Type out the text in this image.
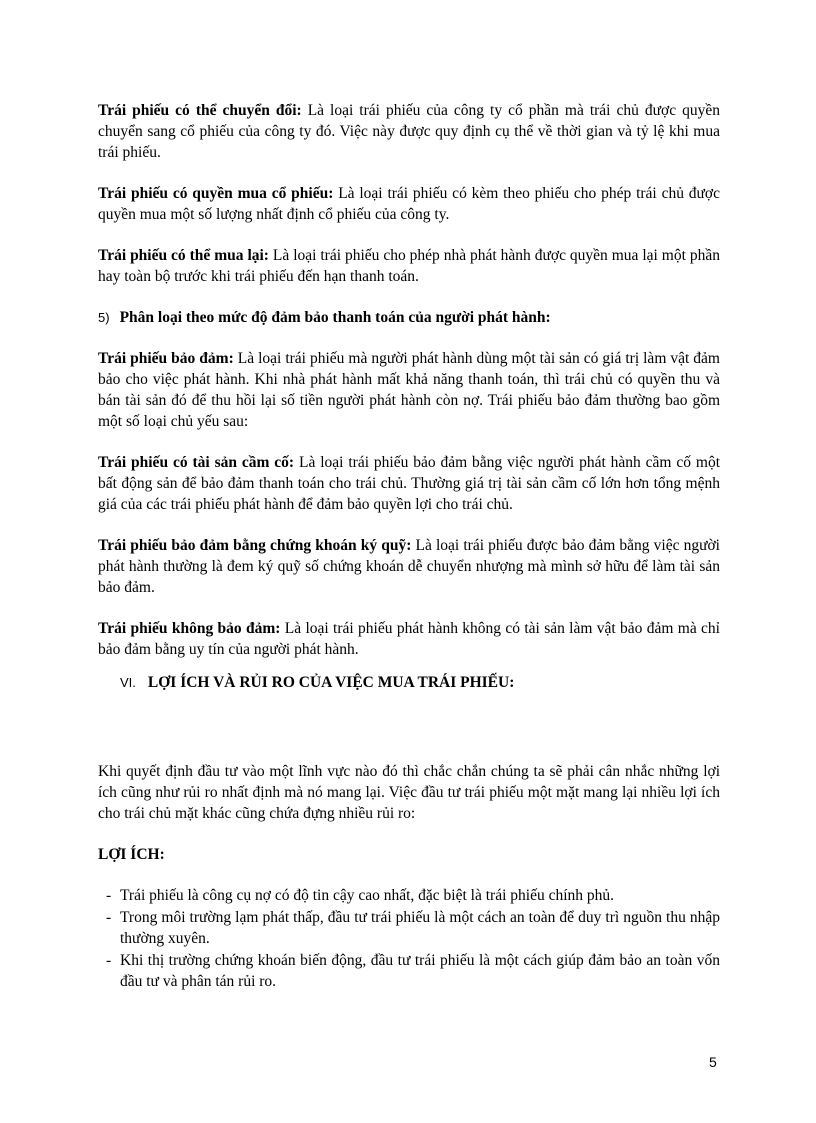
Trái phiếu có thể chuyển đổi: Là loại trái phiếu của công ty cổ phần mà trái chủ được quyền chuyển sang cổ phiếu của công ty đó. Việc này được quy định cụ thể về thời gian và tỷ lệ khi mua trái phiếu.

Trái phiếu có quyền mua cổ phiếu: Là loại trái phiếu có kèm theo phiếu cho phép trái chủ được quyền mua một số lượng nhất định cổ phiếu của công ty.

Trái phiếu có thể mua lại: Là loại trái phiếu cho phép nhà phát hành được quyền mua lại một phần hay toàn bộ trước khi trái phiếu đến hạn thanh toán.

5) Phân loại theo mức độ đảm bảo thanh toán của người phát hành:

Trái phiếu bảo đảm: Là loại trái phiếu mà người phát hành dùng một tài sản có giá trị làm vật đảm bảo cho việc phát hành. Khi nhà phát hành mất khả năng thanh toán, thì trái chủ có quyền thu và bán tài sản đó để thu hồi lại số tiền người phát hành còn nợ. Trái phiếu bảo đảm thường bao gồm một số loại chủ yếu sau:

Trái phiếu có tài sản cầm cố: Là loại trái phiếu bảo đảm bằng việc người phát hành cầm cố một bất động sản để bảo đảm thanh toán cho trái chủ. Thường giá trị tài sản cầm cố lớn hơn tổng mệnh giá của các trái phiếu phát hành để đảm bảo quyền lợi cho trái chủ.

Trái phiếu bảo đảm bằng chứng khoán ký quỹ: Là loại trái phiếu được bảo đảm bằng việc người phát hành thường là đem ký quỹ số chứng khoán dễ chuyển nhượng mà mình sở hữu để làm tài sản bảo đảm.

Trái phiếu không bảo đảm: Là loại trái phiếu phát hành không có tài sản làm vật bảo đảm mà chỉ bảo đảm bằng uy tín của người phát hành.

VI. LỢI ÍCH VÀ RỦI RO CỦA VIỆC MUA TRÁI PHIẾU:

Khi quyết định đầu tư vào một lĩnh vực nào đó thì chắc chắn chúng ta sẽ phải cân nhắc những lợi ích cũng như rủi ro nhất định mà nó mang lại. Việc đầu tư trái phiếu một mặt mang lại nhiều lợi ích cho trái chủ mặt khác cũng chứa đựng nhiều rủi ro:

LỢI ÍCH:

- Trái phiếu là công cụ nợ có độ tin cậy cao nhất, đặc biệt là trái phiếu chính phủ.
- Trong môi trường lạm phát thấp, đầu tư trái phiếu là một cách an toàn để duy trì nguồn thu nhập thường xuyên.
- Khi thị trường chứng khoán biến động, đầu tư trái phiếu là một cách giúp đảm bảo an toàn vốn đầu tư và phân tán rủi ro.
5
